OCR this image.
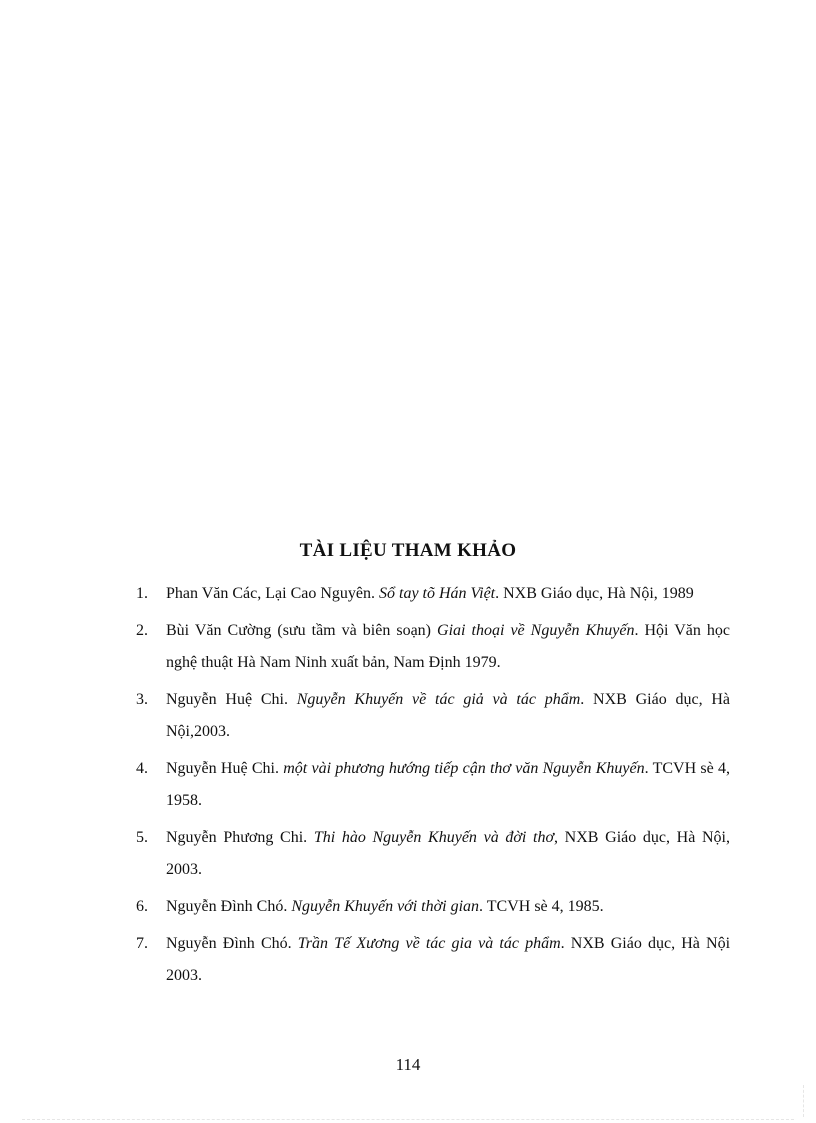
TÀI LIỆU THAM KHẢO
1. Phan Văn Các, Lại Cao Nguyên. Sổ tay tõ Hán Việt. NXB Giáo dục, Hà Nội, 1989
2. Bùi Văn Cường (sưu tầm và biên soạn) Giai thoại về Nguyễn Khuyến. Hội Văn học nghệ thuật Hà Nam Ninh xuất bản, Nam Định 1979.
3. Nguyễn Huệ Chi. Nguyễn Khuyến về tác giả và tác phẩm. NXB Giáo dục, Hà Nội,2003.
4. Nguyễn Huệ Chi. một vài phương hướng tiếp cận thơ văn Nguyễn Khuyến. TCVH sè 4, 1958.
5. Nguyễn Phương Chi. Thi hào Nguyễn Khuyến và đời thơ, NXB Giáo dục, Hà Nội, 2003.
6. Nguyễn Đình Chó. Nguyễn Khuyến với thời gian. TCVH sè 4, 1985.
7. Nguyễn Đình Chó. Trần Tế Xương về tác gia và tác phẩm. NXB Giáo dục, Hà Nội 2003.
114
